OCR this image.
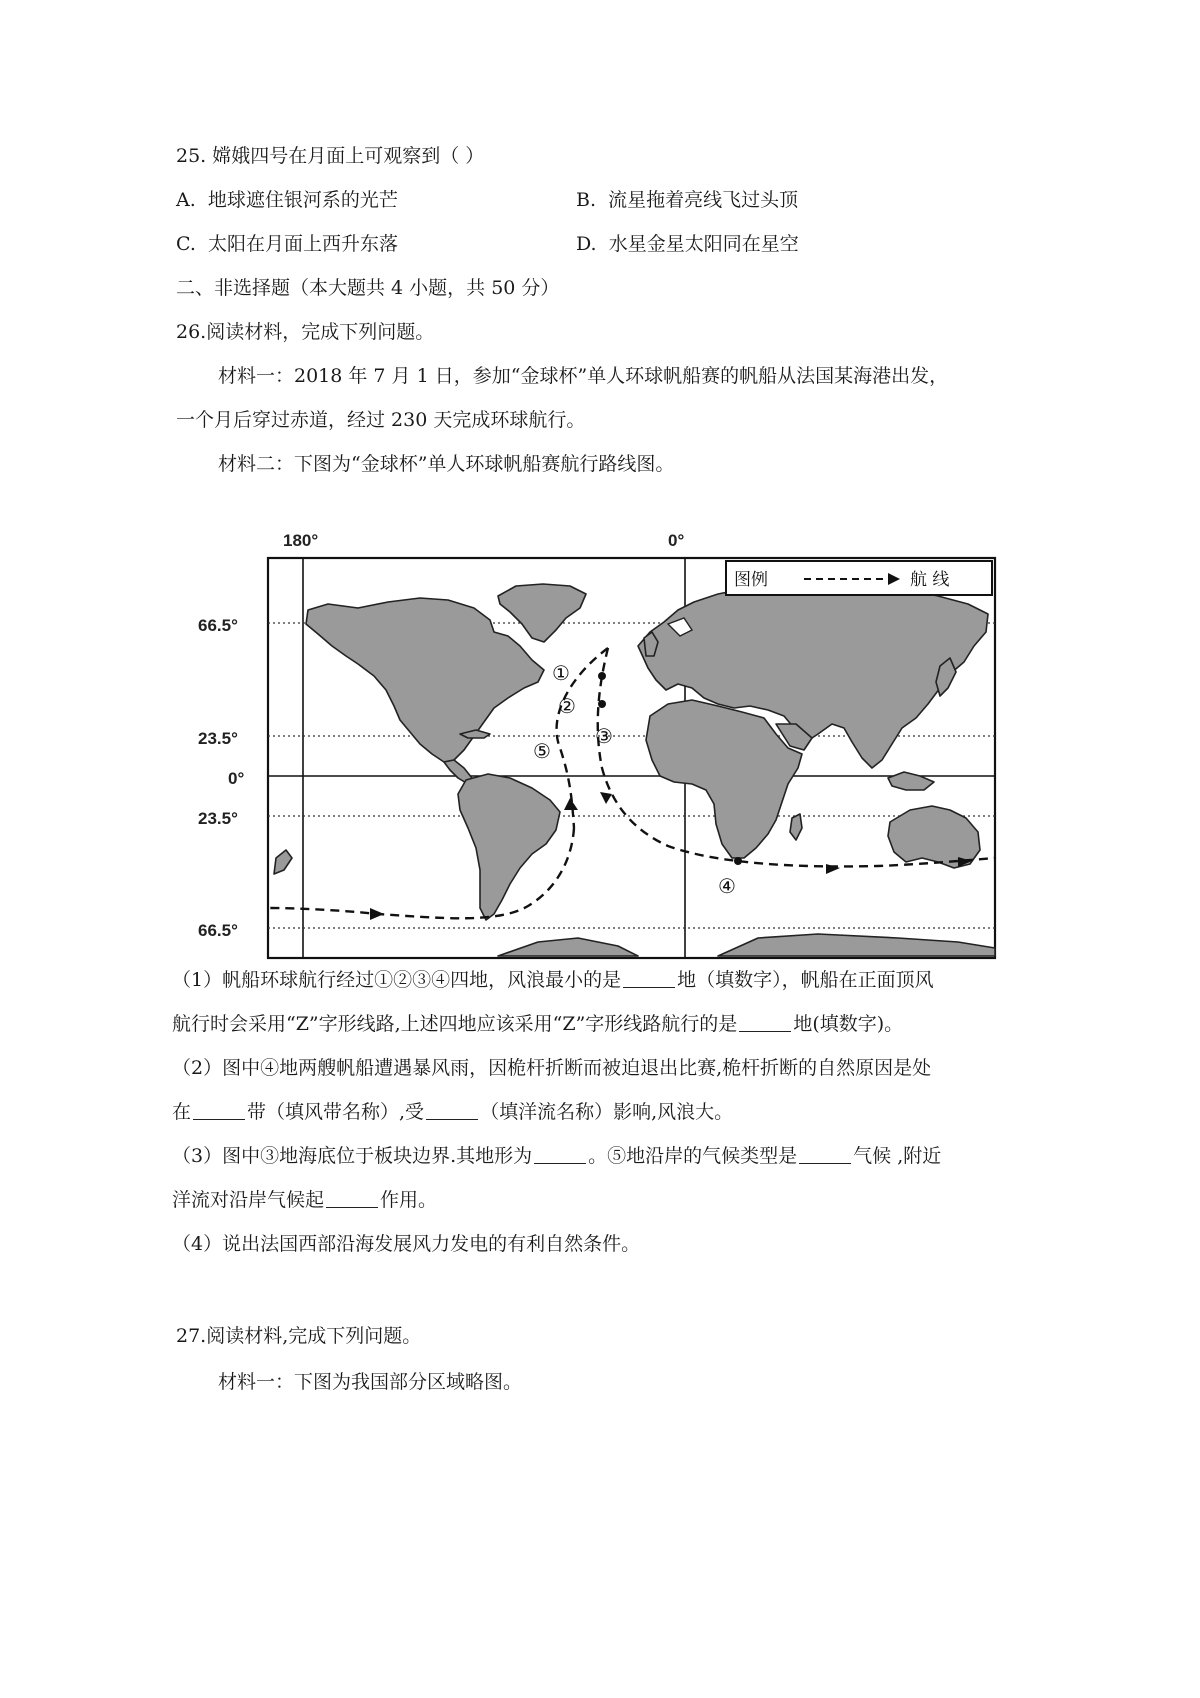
25. 嫦娥四号在月面上可观察到（ ）
A. 地球遮住银河系的光芒	B. 流星拖着亮线飞过头顶
C. 太阳在月面上西升东落	D. 水星金星太阳同在星空
二、非选择题（本大题共 4 小题，共 50 分）
26.阅读材料，完成下列问题。
材料一：2018 年 7 月 1 日，参加“金球杯”单人环球帆船赛的帆船从法国某海港出发，
一个月后穿过赤道，经过 230 天完成环球航行。
材料二：下图为“金球杯”单人环球帆船赛航行路线图。
180°	0°
66.5°
23.5°
0°
23.5°
66.5°
图例	航 线
①
②
③
④
⑤
（1）帆船环球航行经过①②③④四地，风浪最小的是	地（填数字），帆船在正面顶风
航行时会采用“Z”字形线路,上述四地应该采用“Z”字形线路航行的是	地(填数字)。
（2）图中④地两艘帆船遭遇暴风雨，因桅杆折断而被迫退出比赛,桅杆折断的自然原因是处
在	带（填风带名称）,受	（填洋流名称）影响,风浪大。
（3）图中③地海底位于板块边界.其地形为	。⑤地沿岸的气候类型是	气候 ,附近
洋流对沿岸气候起	作用。
（4）说出法国西部沿海发展风力发电的有利自然条件。
27.阅读材料,完成下列问题。
材料一：下图为我国部分区域略图。
